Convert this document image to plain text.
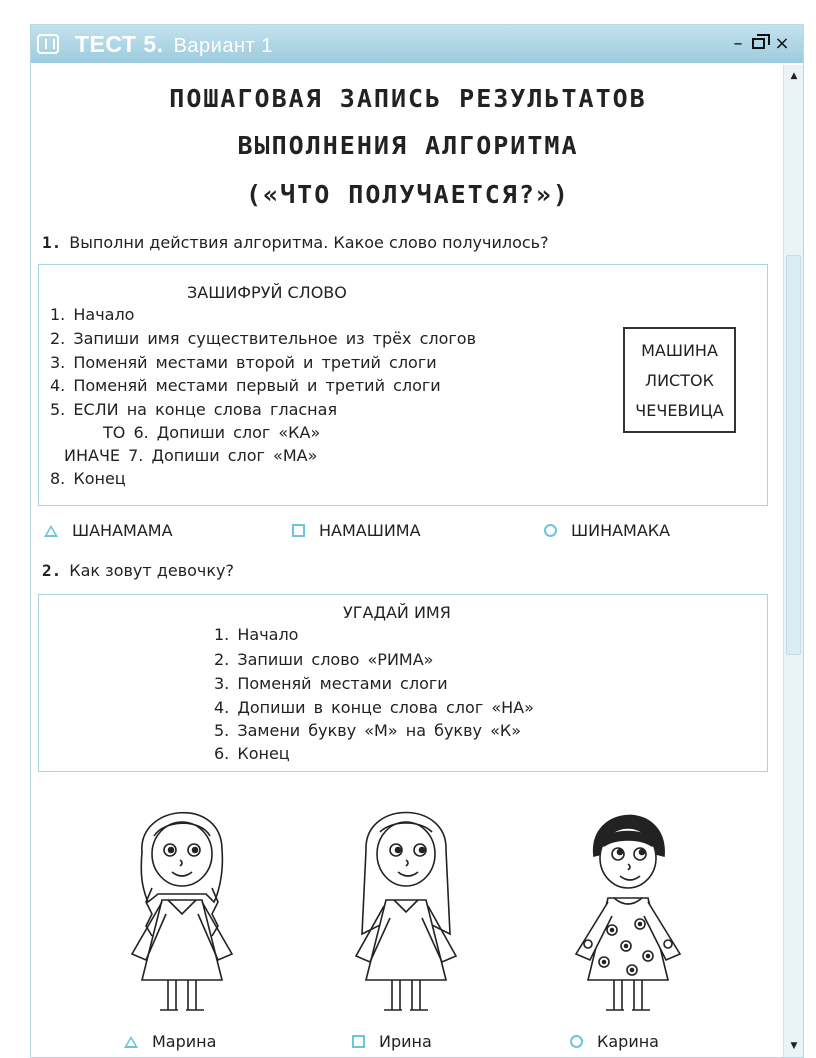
ТЕСТ 5. Вариант 1	– ×
▲
▼
ПОШАГОВАЯ ЗАПИСЬ РЕЗУЛЬТАТОВ
ВЫПОЛНЕНИЯ АЛГОРИТМА
(«ЧТО ПОЛУЧАЕТСЯ?»)
1. Выполни действия алгоритма. Какое слово получилось?
ЗАШИФРУЙ СЛОВО
1. Начало
2. Запиши имя существительное из трёх слогов
3. Поменяй местами второй и третий слоги
4. Поменяй местами первый и третий слоги
5. ЕСЛИ на конце слова гласная
ТО 6. Допиши слог «КА»
ИНАЧЕ 7. Допиши слог «МА»
8. Конец
МАШИНА
ЛИСТОК
ЧЕЧЕВИЦА
ШАНАМАМА	НАМАШИМА	ШИНАМАКА
2. Как зовут девочку?
УГАДАЙ ИМЯ
1. Начало
2. Запиши слово «РИМА»
3. Поменяй местами слоги
4. Допиши в конце слова слог «НА»
5. Замени букву «М» на букву «К»
6. Конец
Марина	Ирина	Карина
